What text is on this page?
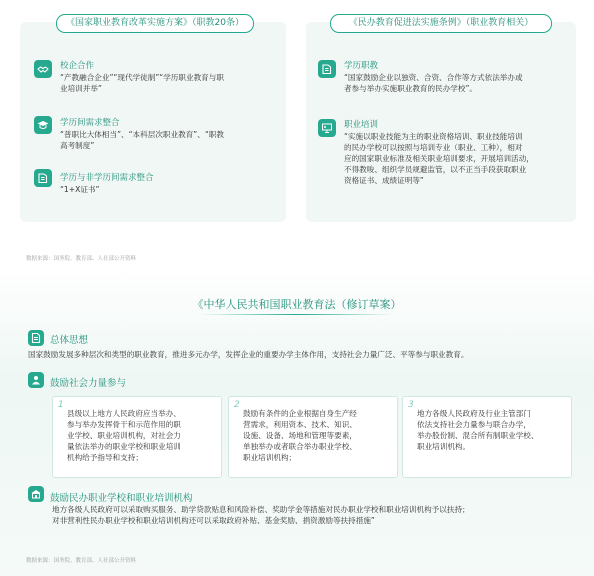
《国家职业教育改革实施方案》（职教20条）
校企合作
“产教融合企业”“现代学徒制”“学历职业教育与职
业培训并举”
学历间需求整合
“普职比大体相当”、“本科层次职业教育”、“职教
高考制度”
学历与非学历间需求整合
“1+X证书”
《民办教育促进法实施条例》（职业教育相关）
学历职教
“国家鼓励企业以独资、合资、合作等方式依法举办或
者参与举办实施职业教育的民办学校”。
职业培训
“实施以职业技能为主的职业资格培训、职业技能培训
的民办学校可以按照与培训专业（职业、工种），相对
应的国家职业标准及相关职业培训要求，开展培训活动，
不得教唆、组织学员规避监管，以不正当手段获取职业
资格证书、成绩证明等”
数据来源：国务院、教育部、人社部公开资料
《中华人民共和国职业教育法（修订草案）
总体思想
国家鼓励发展多种层次和类型的职业教育，推进多元办学，发挥企业的重要办学主体作用，支持社会力量广泛、平等参与职业教育。
鼓励社会力量参与
1
县级以上地方人民政府应当举办、
参与举办发挥骨干和示范作用的职
业学校、职业培训机构，对社会力
量依法举办的职业学校和职业培训
机构给予指导和支持；
2
鼓励有条件的企业根据自身生产经
营需求，利用资本、技术、知识、
设施、设备、场地和管理等要素，
单独举办或者联合举办职业学校、
职业培训机构；
3
地方各级人民政府及行业主管部门
依法支持社会力量参与联合办学，
举办股份制、混合所有制职业学校、
职业培训机构。
鼓励民办职业学校和职业培训机构
地方各级人民政府可以采取购买服务、助学贷款贴息和风险补偿、奖助学金等措施对民办职业学校和职业培训机构予以扶持；
对非营利性民办职业学校和职业培训机构还可以采取政府补贴、基金奖励、捐资激励等扶持措施”
数据来源：国务院、教育部、人社部公开资料
